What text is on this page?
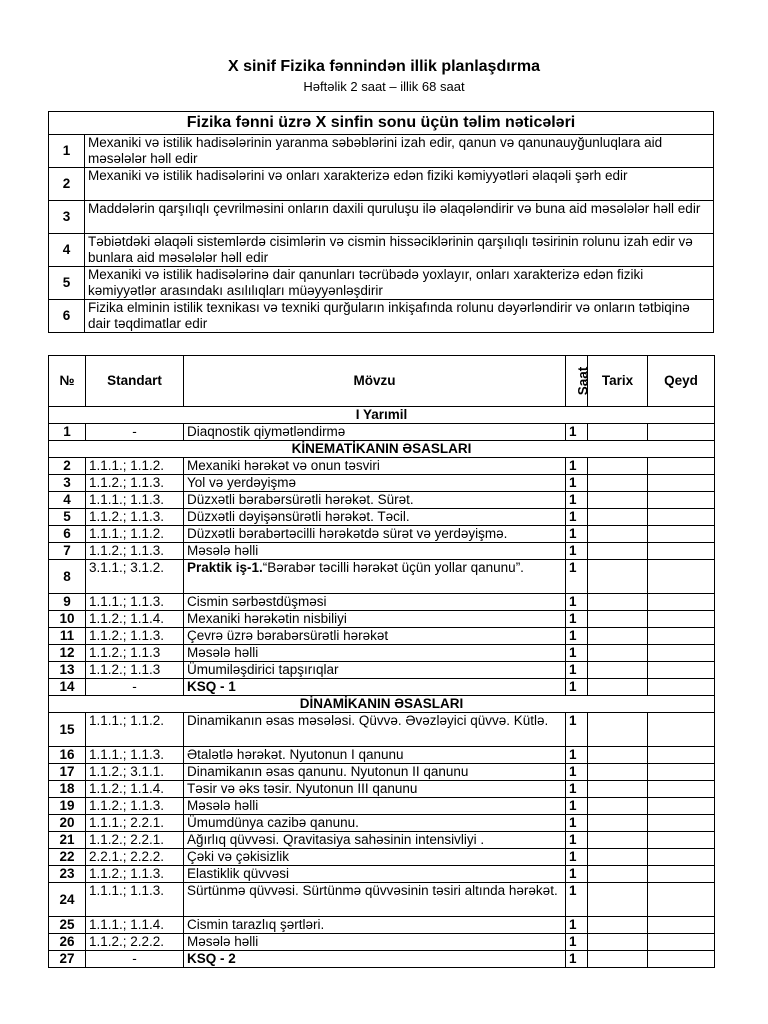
X sinif Fizika fənnindən illik planlaşdırma
Həftəlik 2 saat – illik 68 saat
Fizika fənni üzrə X sinfin sonu üçün təlim nəticələri	
1	Mexaniki və istilik hadisələrinin yaranma səbəblərini izah edir, qanun və qanunauyğunluqlara aid məsələlər həll edir
2	Mexaniki və istilik hadisələrini və onları xarakterizə edən fiziki kəmiyyətləri əlaqəli şərh edir
3	Maddələrin qarşılıqlı çevrilməsini onların daxili quruluşu ilə əlaqələndirir və buna aid məsələlər həll edir
4	Təbiətdəki əlaqəli sistemlərdə cisimlərin və cismin hissəciklərinin qarşılıqlı təsirinin rolunu izah edir və bunlara aid məsələlər həll edir
5	Mexaniki və istilik hadisələrinə dair qanunları təcrübədə yoxlayır, onları xarakterizə edən fiziki kəmiyyətlər arasındakı asılılıqları müəyyənləşdirir
6	Fizika elminin istilik texnikası və texniki qurğuların inkişafında rolunu dəyərləndirir və onların tətbiqinə dair təqdimatlar edir
№	Standart	Mövzu	Saat	Tarix	Qeyd
I Yarımil					
1	-	Diaqnostik qiymətləndirmə	1		
KİNEMATİKANIN ƏSASLARI					
2	1.1.1.; 1.1.2.	Mexaniki hərəkət və onun təsviri	1		
3	1.1.2.; 1.1.3.	Yol və yerdəyişmə	1		
4	1.1.1.; 1.1.3.	Düzxətli bərabərsürətli hərəkət. Sürət.	1		
5	1.1.2.; 1.1.3.	Düzxətli dəyişənsürətli hərəkət. Təcil.	1		
6	1.1.1.; 1.1.2.	Düzxətli bərabərtəcilli hərəkətdə sürət və yerdəyişmə.	1		
7	1.1.2.; 1.1.3.	Məsələ həlli	1		
8	3.1.1.; 3.1.2.	Praktik iş-1.“Bərabər təcilli hərəkət üçün yollar qanunu”.	1		
9	1.1.1.; 1.1.3.	Cismin sərbəstdüşməsi	1		
10	1.1.2.; 1.1.4.	Mexaniki hərəkətin nisbiliyi	1		
11	1.1.2.; 1.1.3.	Çevrə üzrə bərabərsürətli hərəkət	1		
12	1.1.2.; 1.1.3	Məsələ həlli	1		
13	1.1.2.; 1.1.3	Ümumiləşdirici tapşırıqlar	1		
14	-	KSQ - 1	1		
DİNAMİKANIN ƏSASLARI					
15	1.1.1.; 1.1.2.	Dinamikanın əsas məsələsi. Qüvvə. Əvəzləyici qüvvə. Kütlə.	1		
16	1.1.1.; 1.1.3.	Ətalətlə hərəkət. Nyutonun I qanunu	1		
17	1.1.2.; 3.1.1.	Dinamikanın əsas qanunu. Nyutonun II qanunu	1		
18	1.1.2.; 1.1.4.	Təsir və əks təsir. Nyutonun III qanunu	1		
19	1.1.2.; 1.1.3.	Məsələ həlli	1		
20	1.1.1.; 2.2.1.	Ümumdünya cazibə qanunu.	1		
21	1.1.2.; 2.2.1.	Ağırlıq qüvvəsi. Qravitasiya sahəsinin intensivliyi .	1		
22	2.2.1.; 2.2.2.	Çəki və çəkisizlik	1		
23	1.1.2.; 1.1.3.	Elastiklik qüvvəsi	1		
24	1.1.1.; 1.1.3.	Sürtünmə qüvvəsi. Sürtünmə qüvvəsinin təsiri altında hərəkət.	1		
25	1.1.1.; 1.1.4.	Cismin tarazlıq şərtləri.	1		
26	1.1.2.; 2.2.2.	Məsələ həlli	1		
27	-	KSQ - 2	1		
